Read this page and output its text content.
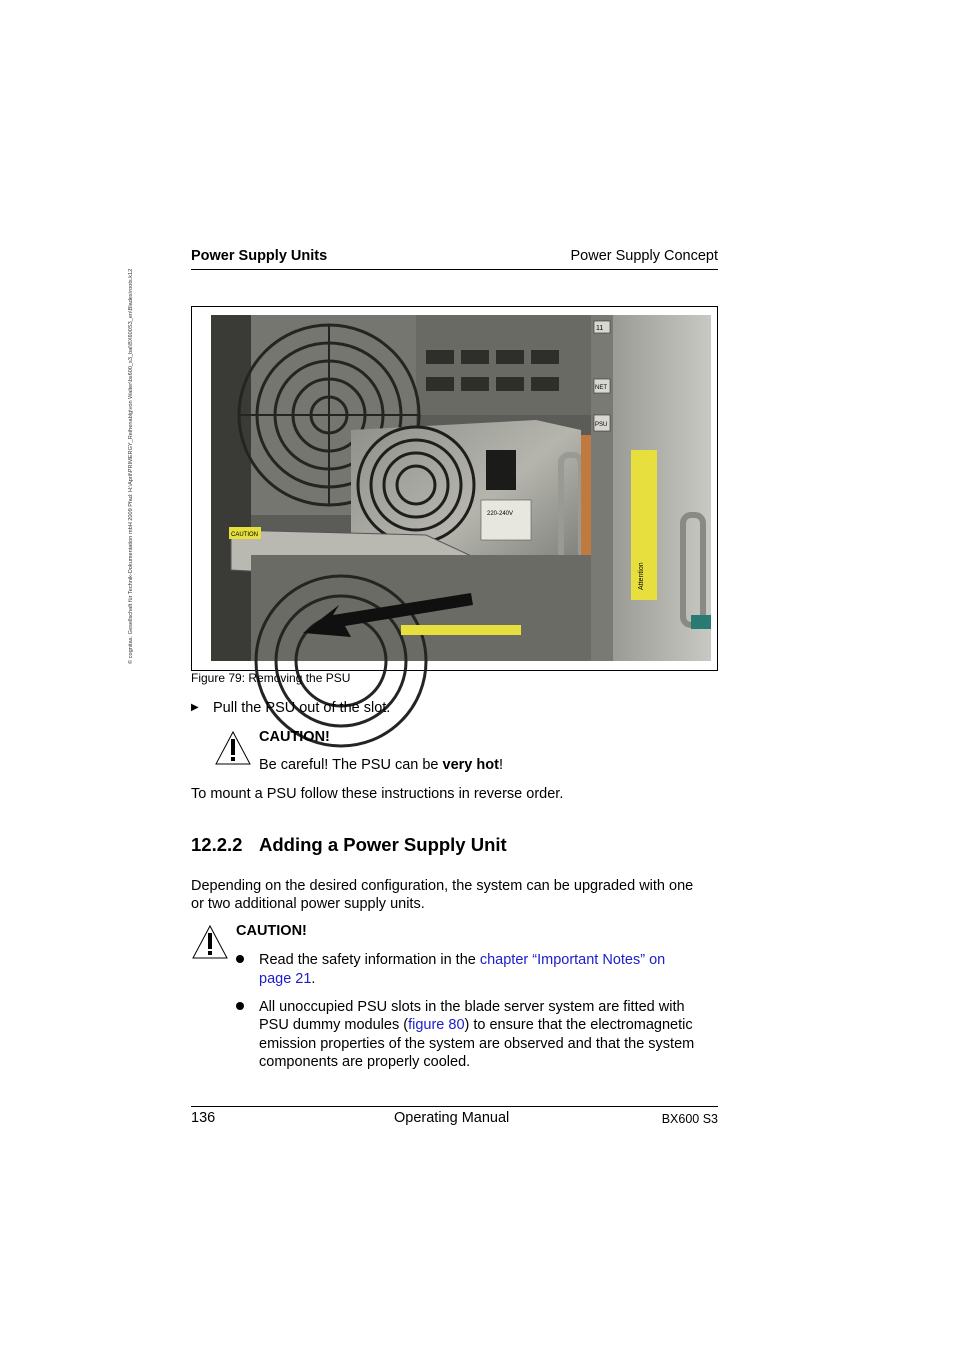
© cognitas. Gesellschaft für Technik-Dokumentation mbH 2009 Pfad: H:\April\PRIMERGY_Reihenablg\von Walter\bx600_s3_bal\BX600S3_en\Blades\roots.k12
Power Supply Units	Power Supply Concept
11
NET
PSU
Attention
220-240V
CAUTION
Figure 79: Removing the PSU
▶ Pull the PSU out of the slot.
CAUTION!
Be careful! The PSU can be very hot!
To mount a PSU follow these instructions in reverse order.
12.2.2 Adding a Power Supply Unit
Depending on the desired configuration, the system can be upgraded with one
or two additional power supply units.
CAUTION!
Read the safety information in the chapter “Important Notes” on
page 21.
All unoccupied PSU slots in the blade server system are fitted with
PSU dummy modules (figure 80) to ensure that the electromagnetic
emission properties of the system are observed and that the system
components are properly cooled.
136	Operating Manual	BX600 S3
